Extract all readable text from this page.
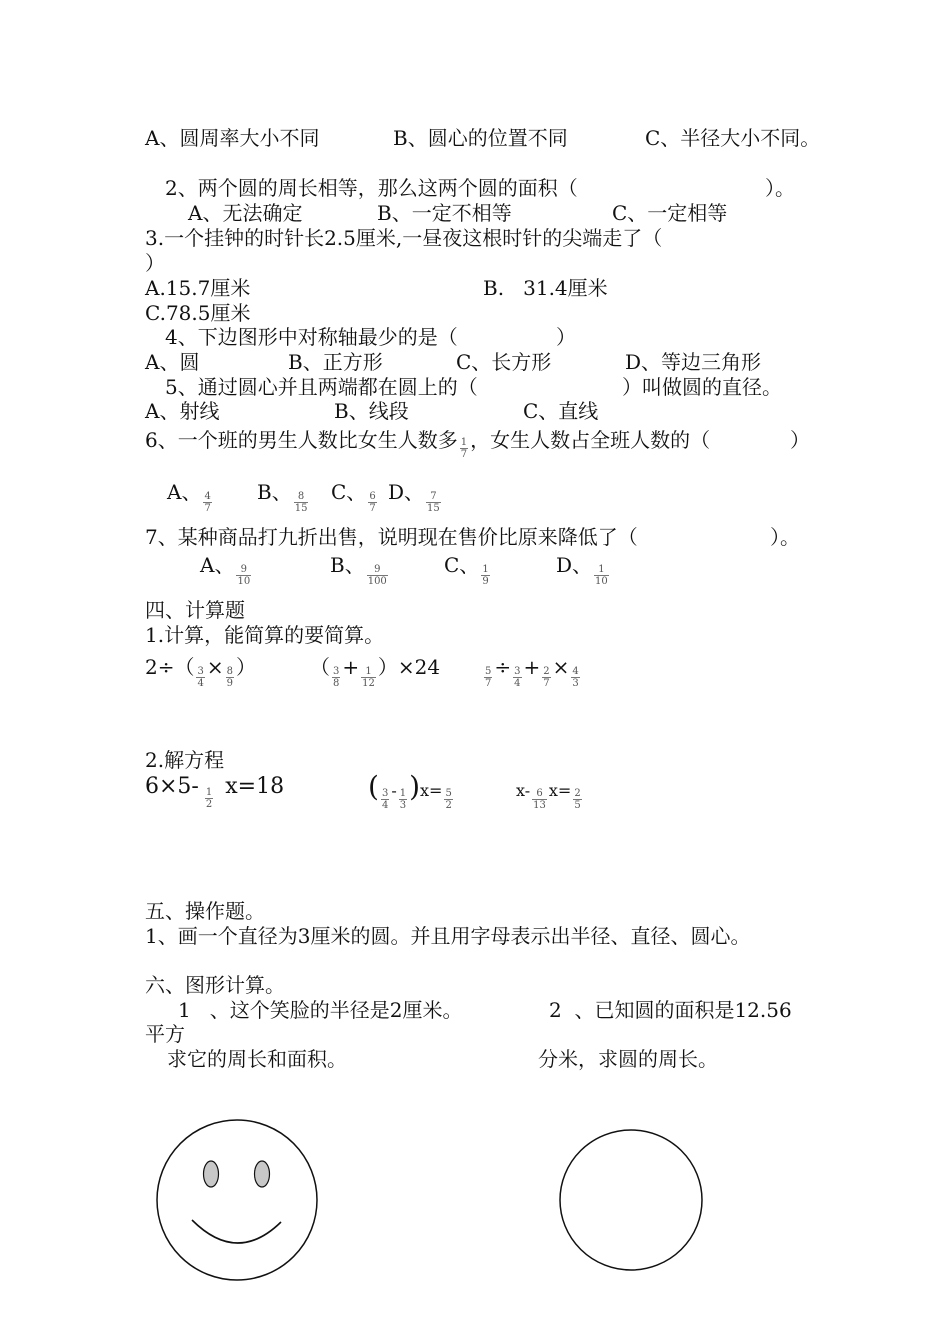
A、圆周率大小不同	B、圆心的位置不同	C、半径大小不同。
2、两个圆的周长相等，那么这两个圆的面积（	）。
A、无法确定	B、一定不相等	C、一定相等
3.一个挂钟的时针长2.5厘米,一昼夜这根时针的尖端走了（
）
A.15.7厘米	B.   31.4厘米
C.78.5厘米
4、下边图形中对称轴最少的是（	）
A、圆	B、正方形	C、长方形	D、等边三角形
5、通过圆心并且两端都在圆上的（	）叫做圆的直径。
A、射线	B、线段	C、直线
6、一个班的男生人数比女生人数多 $\frac{1}{7}$ ，女生人数占全班人数的（	）
A、 $\frac{4}{7}$ B、 $\frac{8}{15}$ C、 $\frac{6}{7}$ D、 $\frac{7}{15}$
7、某种商品打九折出售，说明现在售价比原来降低了（	）。
A、 $\frac{9}{10}$	B、 $\frac{9}{100}$	C、 $\frac{1}{9}$	D、 $\frac{1}{10}$
四、计算题
1.计算，能简算的要简算。
$2\div( \frac{3}{4} \times \frac{8}{9}$ ）	（ $\frac{3}{8} + \frac{1}{12} )\times 24$	$\frac{5}{7} \div \frac{3}{4} + \frac{2}{7} \times \frac{4}{3}$
2.解方程
$6\times 5- \frac{1}{2} x=18$	( $\frac{3}{4} - \frac{1}{3} )x= \frac{5}{2}$	$x- \frac{6}{13} x= \frac{2}{5}$
五、操作题。
1、画一个直径为3厘米的圆。并且用字母表示出半径、直径、圆心。
六、图形计算。
1   、这个笑脸的半径是2厘米。	2  、已知圆的面积是12.56
平方
求它的周长和面积。	分米，求圆的周长。
